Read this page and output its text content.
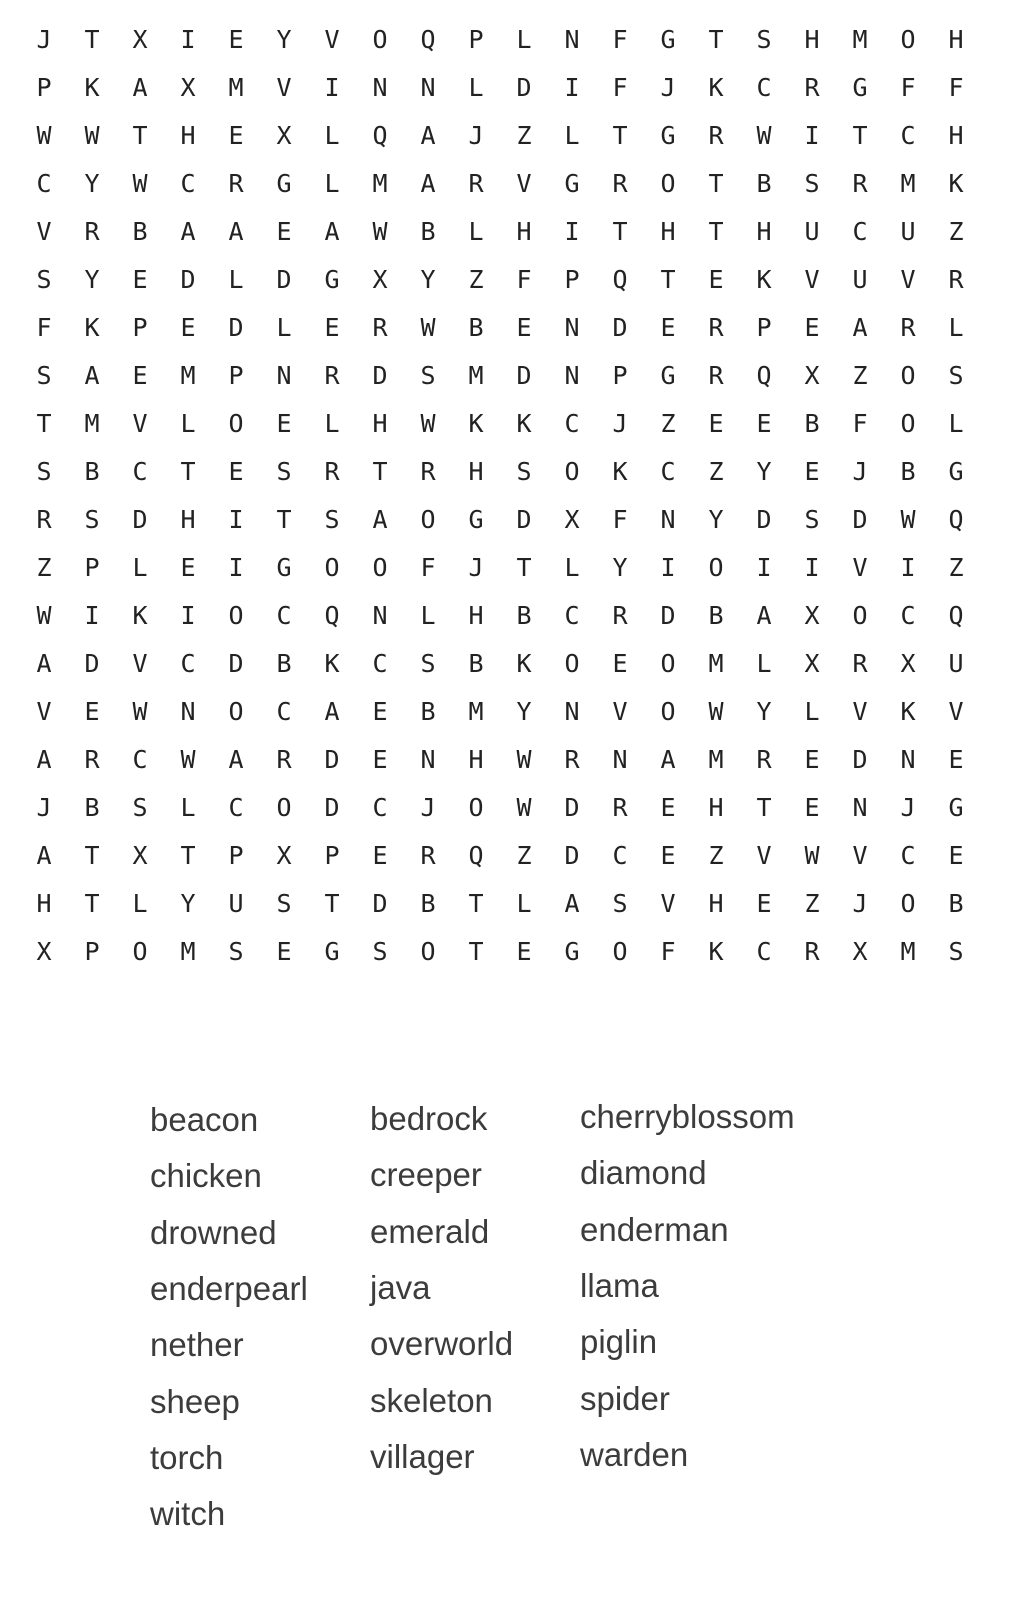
J	T	X	I	E	Y	V	O	Q	P	L	N	F	G	T	S	H	M	O	H
P	K	A	X	M	V	I	N	N	L	D	I	F	J	K	C	R	G	F	F
W	W	T	H	E	X	L	Q	A	J	Z	L	T	G	R	W	I	T	C	H
C	Y	W	C	R	G	L	M	A	R	V	G	R	O	T	B	S	R	M	K
V	R	B	A	A	E	A	W	B	L	H	I	T	H	T	H	U	C	U	Z
S	Y	E	D	L	D	G	X	Y	Z	F	P	Q	T	E	K	V	U	V	R
F	K	P	E	D	L	E	R	W	B	E	N	D	E	R	P	E	A	R	L
S	A	E	M	P	N	R	D	S	M	D	N	P	G	R	Q	X	Z	O	S
T	M	V	L	O	E	L	H	W	K	K	C	J	Z	E	E	B	F	O	L
S	B	C	T	E	S	R	T	R	H	S	O	K	C	Z	Y	E	J	B	G
R	S	D	H	I	T	S	A	O	G	D	X	F	N	Y	D	S	D	W	Q
Z	P	L	E	I	G	O	O	F	J	T	L	Y	I	O	I	I	V	I	Z
W	I	K	I	O	C	Q	N	L	H	B	C	R	D	B	A	X	O	C	Q
A	D	V	C	D	B	K	C	S	B	K	O	E	O	M	L	X	R	X	U
V	E	W	N	O	C	A	E	B	M	Y	N	V	O	W	Y	L	V	K	V
A	R	C	W	A	R	D	E	N	H	W	R	N	A	M	R	E	D	N	E
J	B	S	L	C	O	D	C	J	O	W	D	R	E	H	T	E	N	J	G
A	T	X	T	P	X	P	E	R	Q	Z	D	C	E	Z	V	W	V	C	E
H	T	L	Y	U	S	T	D	B	T	L	A	S	V	H	E	Z	J	O	B
X	P	O	M	S	E	G	S	O	T	E	G	O	F	K	C	R	X	M	S
beacon
chicken
drowned
enderpearl
nether
sheep
torch
witch
bedrock
creeper
emerald
java
overworld
skeleton
villager
cherryblossom
diamond
enderman
llama
piglin
spider
warden
